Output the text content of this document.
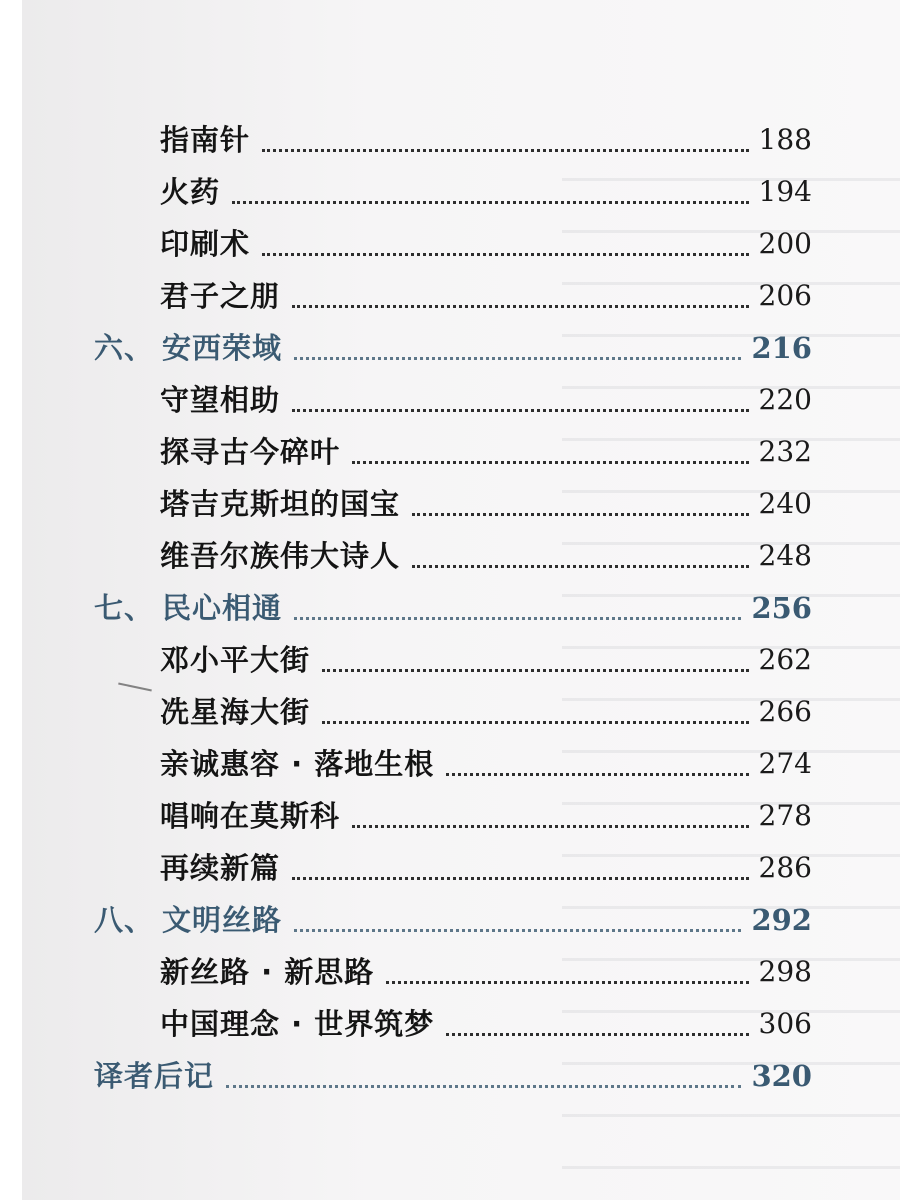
指南针	188
火药	194
印刷术	200
君子之朋	206
六、 安西荣域	216
守望相助	220
探寻古今碎叶	232
塔吉克斯坦的国宝	240
维吾尔族伟大诗人	248
七、 民心相通	256
邓小平大街	262
冼星海大街	266
亲诚惠容 · 落地生根	274
唱响在莫斯科	278
再续新篇	286
八、 文明丝路	292
新丝路 · 新思路	298
中国理念 · 世界筑梦	306
译者后记	320
